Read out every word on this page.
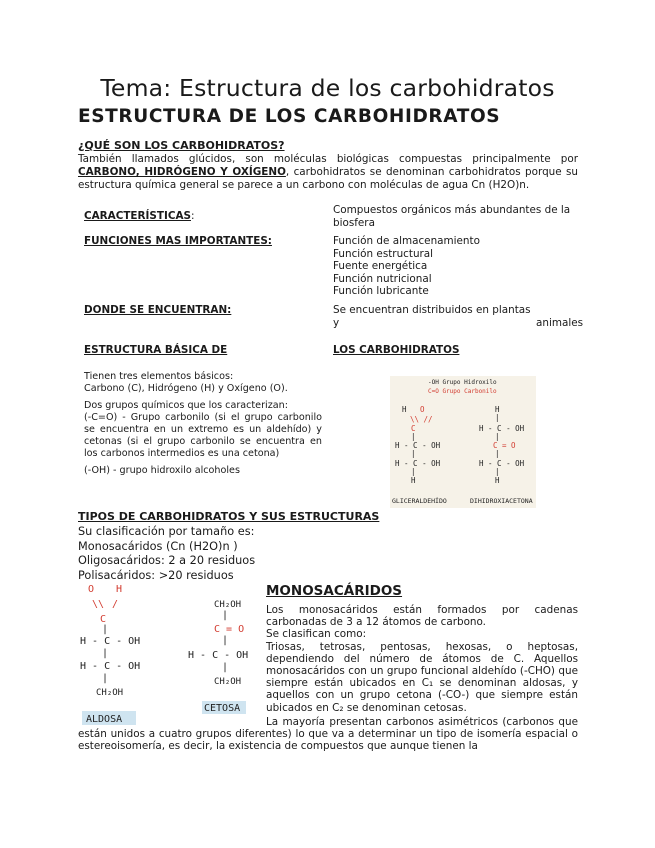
Tema: Estructura de los carbohidratos
ESTRUCTURA DE LOS CARBOHIDRATOS
¿QUÉ SON LOS CARBOHIDRATOS?
También llamados glúcidos, son moléculas biológicas compuestas principalmente por CARBONO, HIDRÓGENO Y OXÍGENO, carbohidratos se denominan carbohidratos porque su estructura química general se parece a un carbono con moléculas de agua Cn (H2O)n.
CARACTERÍSTICAS:	Compuestos orgánicos más abundantes de la biosfera
FUNCIONES MAS IMPORTANTES:	Función de almacenamiento
Función estructural
Fuente energética
Función nutricional
Función lubricante
DONDE SE ENCUENTRAN:	Se encuentran distribuidos en plantas
y	animales
ESTRUCTURA BÁSICA DE	LOS CARBOHIDRATOS
Tienen tres elementos básicos:
Carbono (C), Hidrógeno (H) y Oxígeno (O).
Dos grupos químicos que los caracterizan:
(-C=O) - Grupo carbonilo (si el grupo carbonilo se encuentra en un extremo es un aldehído) y cetonas (si el grupo carbonilo se encuentra en los carbonos intermedios es una cetona)
(-OH) - grupo hidroxilo alcoholes
-OH Grupo Hidroxilo
C=O Grupo Carbonilo
H O
\\ //
C
|
H - C - OH
|
H - C - OH
|
H
H
|
H - C - OH
|
C = O
|
H - C - OH
|
H
GLICERALDEHÍDO	DIHIDROXIACETONA
TIPOS DE CARBOHIDRATOS Y SUS ESTRUCTURAS
Su clasificación por tamaño es:
Monosacáridos (Cn (H2O)n )
Oligosacáridos: 2 a 20 residuos
Polisacáridos: >20 residuos
O H
\\ /
C
|
H - C - OH
|
H - C - OH
|
CH₂OH
ALDOSA
CH₂OH
|
C = O
|
H - C - OH
|
CH₂OH
CETOSA
MONOSACÁRIDOS
Los monosacáridos están formados por cadenas carbonadas de 3 a 12 átomos de carbono.
Se clasifican como:
Triosas, tetrosas, pentosas, hexosas, o heptosas, dependiendo del número de átomos de C. Aquellos monosacáridos con un grupo funcional aldehído (-CHO) que siempre están ubicados en C₁ se denominan aldosas, y aquellos con un grupo cetona (-CO-) que siempre están ubicados en C₂ se denominan cetosas.
La mayoría presentan carbonos asimétricos (carbonos que están unidos a cuatro grupos diferentes) lo que va a determinar un tipo de isomería espacial o estereoisomería, es decir, la existencia de compuestos que aunque tienen la
